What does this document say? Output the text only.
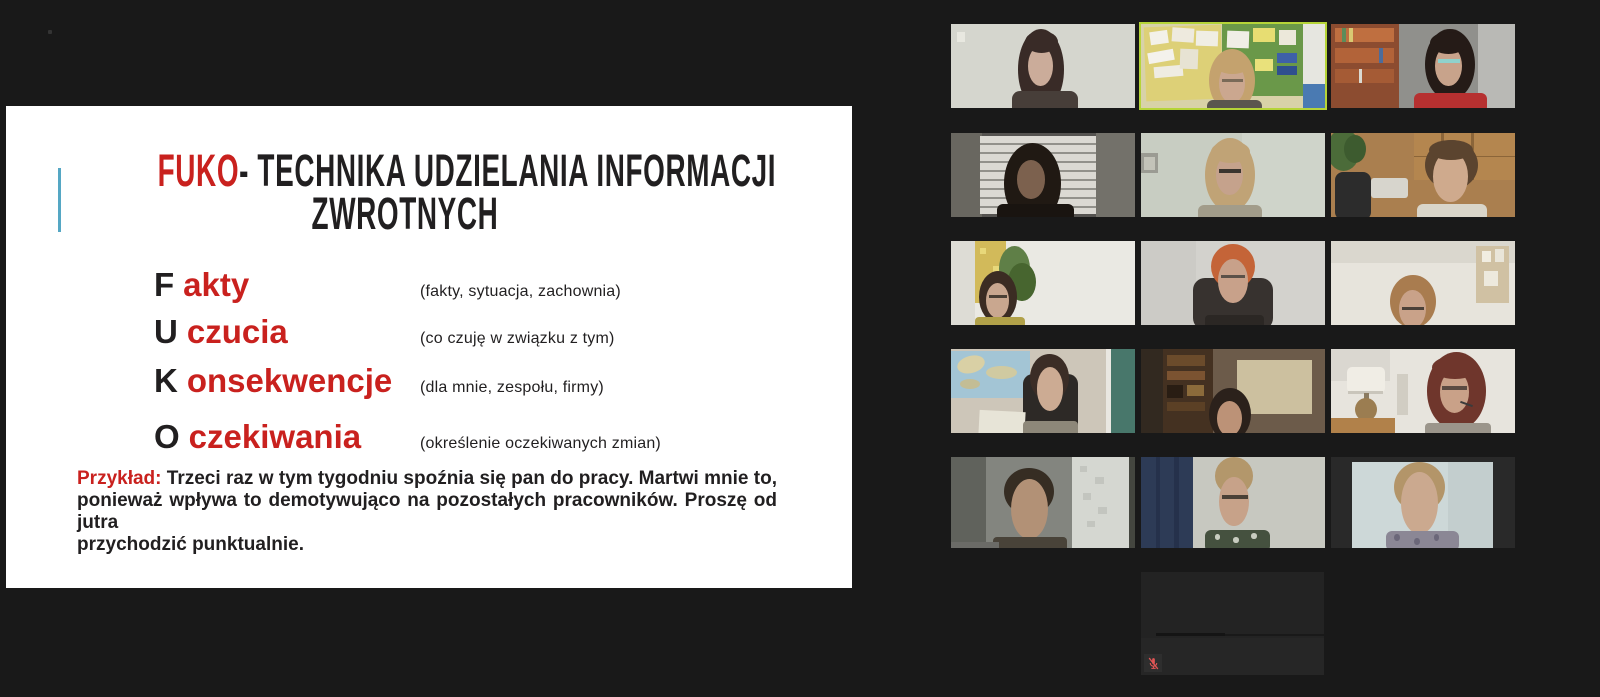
FUKO- TECHNIKA UDZIELANIA INFORMACJI
ZWROTNYCH
F akty	(fakty, sytuacja, zachownia)
U czucia	(co czuję w związku z tym)
K onsekwencje	(dla mnie, zespołu, firmy)
O czekiwania	(określenie oczekiwanych zmian)
Przykład: Trzeci raz w tym tygodniu spoźnia się pan do pracy. Martwi mnie to,
ponieważ wpływa to demotywująco na pozostałych pracowników. Proszę od jutra
przychodzić punktualnie.
